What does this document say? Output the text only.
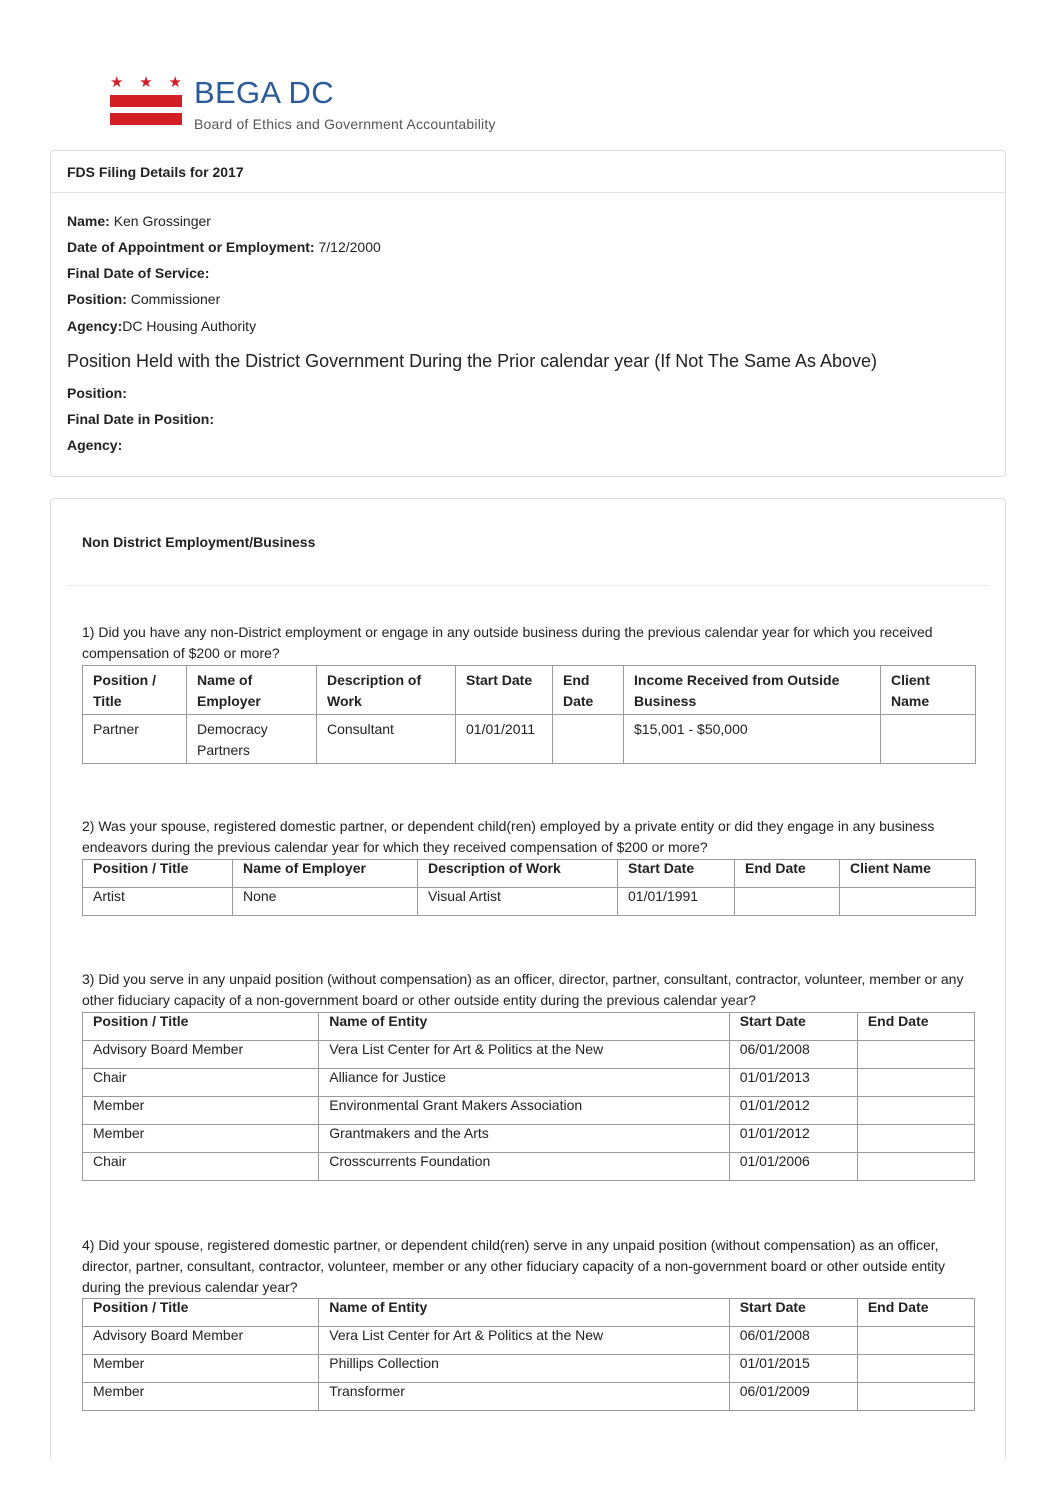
★ ★ ★ BEGA DC
Board of Ethics and Government Accountability
FDS Filing Details for 2017
Name: Ken Grossinger
Date of Appointment or Employment: 7/12/2000
Final Date of Service:
Position: Commissioner
Agency:DC Housing Authority
Position Held with the District Government During the Prior calendar year (If Not The Same As Above)
Position:
Final Date in Position:
Agency:
Non District Employment/Business
1) Did you have any non-District employment or engage in any outside business during the previous calendar year for which you received compensation of $200 or more?
Position / Title	Name of Employer	Description of Work	Start Date	End Date	Income Received from Outside Business	Client Name
Partner	Democracy Partners	Consultant	01/01/2011		$15,001 - $50,000	
2) Was your spouse, registered domestic partner, or dependent child(ren) employed by a private entity or did they engage in any business endeavors during the previous calendar year for which they received compensation of $200 or more?
Position / Title	Name of Employer	Description of Work	Start Date	End Date	Client Name
Artist	None	Visual Artist	01/01/1991		
3) Did you serve in any unpaid position (without compensation) as an officer, director, partner, consultant, contractor, volunteer, member or any other fiduciary capacity of a non-government board or other outside entity during the previous calendar year?
Position / Title	Name of Entity	Start Date	End Date
Advisory Board Member	Vera List Center for Art & Politics at the New	06/01/2008	
Chair	Alliance for Justice	01/01/2013	
Member	Environmental Grant Makers Association	01/01/2012	
Member	Grantmakers and the Arts	01/01/2012	
Chair	Crosscurrents Foundation	01/01/2006	
4) Did your spouse, registered domestic partner, or dependent child(ren) serve in any unpaid position (without compensation) as an officer, director, partner, consultant, contractor, volunteer, member or any other fiduciary capacity of a non-government board or other outside entity during the previous calendar year?
Position / Title	Name of Entity	Start Date	End Date
Advisory Board Member	Vera List Center for Art & Politics at the New	06/01/2008	
Member	Phillips Collection	01/01/2015	
Member	Transformer	06/01/2009	
